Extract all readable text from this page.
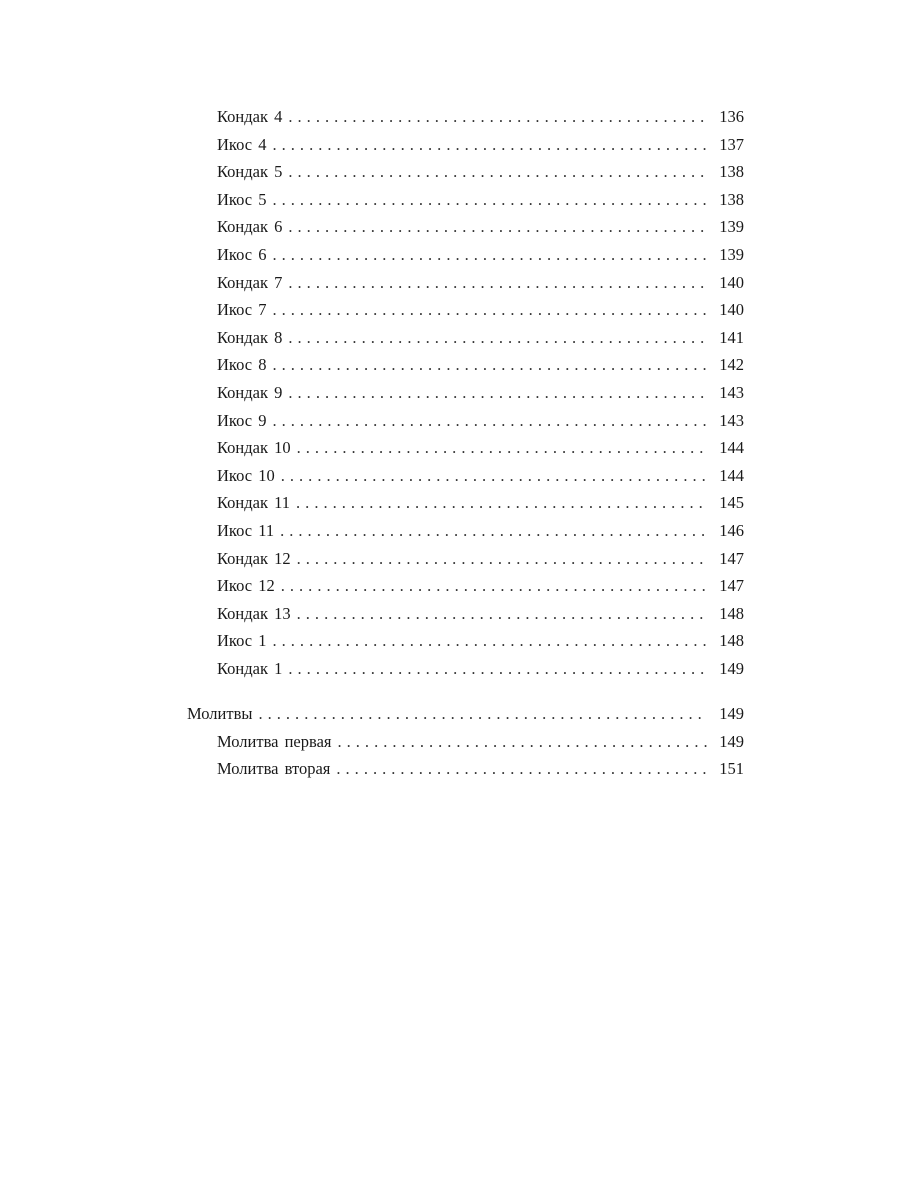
Кондак 4 . . .	136
Икос 4 . . .	137
Кондак 5 . . .	138
Икос 5 . . .	138
Кондак 6 . . .	139
Икос 6 . . .	139
Кондак 7 . . .	140
Икос 7 . . .	140
Кондак 8 . . .	141
Икос 8 . . .	142
Кондак 9 . . .	143
Икос 9 . . .	143
Кондак 10 . . .	144
Икос 10 . . .	144
Кондак 11 . . .	145
Икос 11 . . .	146
Кондак 12 . . .	147
Икос 12 . . .	147
Кондак 13 . . .	148
Икос 1 . . .	148
Кондак 1 . . .	149
Молитвы . . .	149
Молитва первая . . .	149
Молитва вторая . . .	151
